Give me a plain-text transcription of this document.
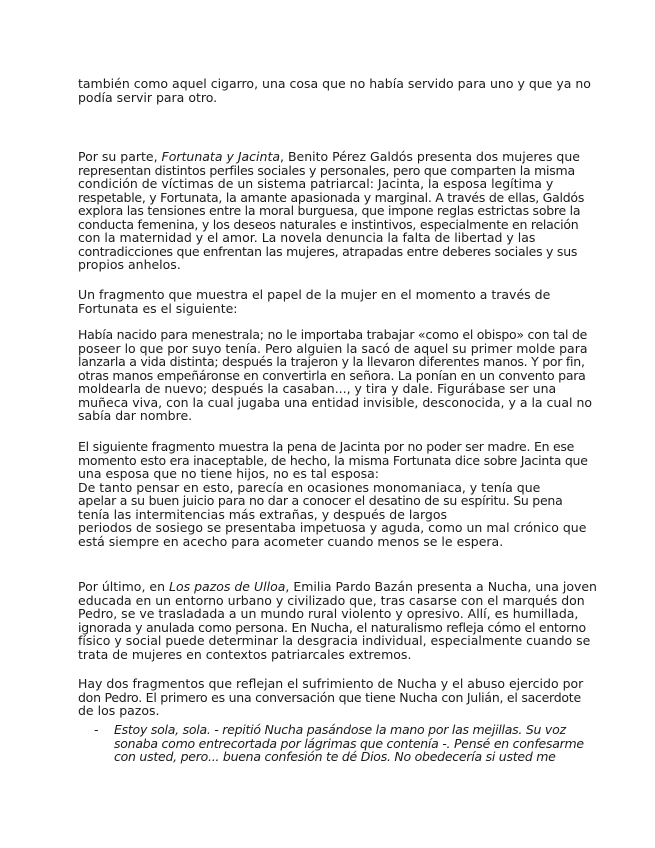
también como aquel cigarro, una cosa que no había servido para uno y que ya no
podía servir para otro.
Por su parte, Fortunata y Jacinta, Benito Pérez Galdós presenta dos mujeres que
representan distintos perfiles sociales y personales, pero que comparten la misma
condición de víctimas de un sistema patriarcal: Jacinta, la esposa legítima y
respetable, y Fortunata, la amante apasionada y marginal. A través de ellas, Galdós
explora las tensiones entre la moral burguesa, que impone reglas estrictas sobre la
conducta femenina, y los deseos naturales e instintivos, especialmente en relación
con la maternidad y el amor. La novela denuncia la falta de libertad y las
contradicciones que enfrentan las mujeres, atrapadas entre deberes sociales y sus
propios anhelos.
Un fragmento que muestra el papel de la mujer en el momento a través de
Fortunata es el siguiente:
Había nacido para menestrala; no le importaba trabajar «como el obispo» con tal de
poseer lo que por suyo tenía. Pero alguien la sacó de aquel su primer molde para
lanzarla a vida distinta; después la trajeron y la llevaron diferentes manos. Y por fin,
otras manos empeñáronse en convertirla en señora. La ponían en un convento para
moldearla de nuevo; después la casaban..., y tira y dale. Figurábase ser una
muñeca viva, con la cual jugaba una entidad invisible, desconocida, y a la cual no
sabía dar nombre.
El siguiente fragmento muestra la pena de Jacinta por no poder ser madre. En ese
momento esto era inaceptable, de hecho, la misma Fortunata dice sobre Jacinta que
una esposa que no tiene hijos, no es tal esposa:
De tanto pensar en esto, parecía en ocasiones monomaniaca, y tenía que
apelar a su buen juicio para no dar a conocer el desatino de su espíritu. Su pena
tenía las intermitencias más extrañas, y después de largos
periodos de sosiego se presentaba impetuosa y aguda, como un mal crónico que
está siempre en acecho para acometer cuando menos se le espera.
Por último, en Los pazos de Ulloa, Emilia Pardo Bazán presenta a Nucha, una joven
educada en un entorno urbano y civilizado que, tras casarse con el marqués don
Pedro, se ve trasladada a un mundo rural violento y opresivo. Allí, es humillada,
ignorada y anulada como persona. En Nucha, el naturalismo refleja cómo el entorno
físico y social puede determinar la desgracia individual, especialmente cuando se
trata de mujeres en contextos patriarcales extremos.
Hay dos fragmentos que reflejan el sufrimiento de Nucha y el abuso ejercido por
don Pedro. El primero es una conversación que tiene Nucha con Julián, el sacerdote
de los pazos.
- Estoy sola, sola. - repitió Nucha pasándose la mano por las mejillas. Su voz
sonaba como entrecortada por lágrimas que contenía -. Pensé en confesarme
con usted, pero... buena confesión te dé Dios. No obedecería si usted me
